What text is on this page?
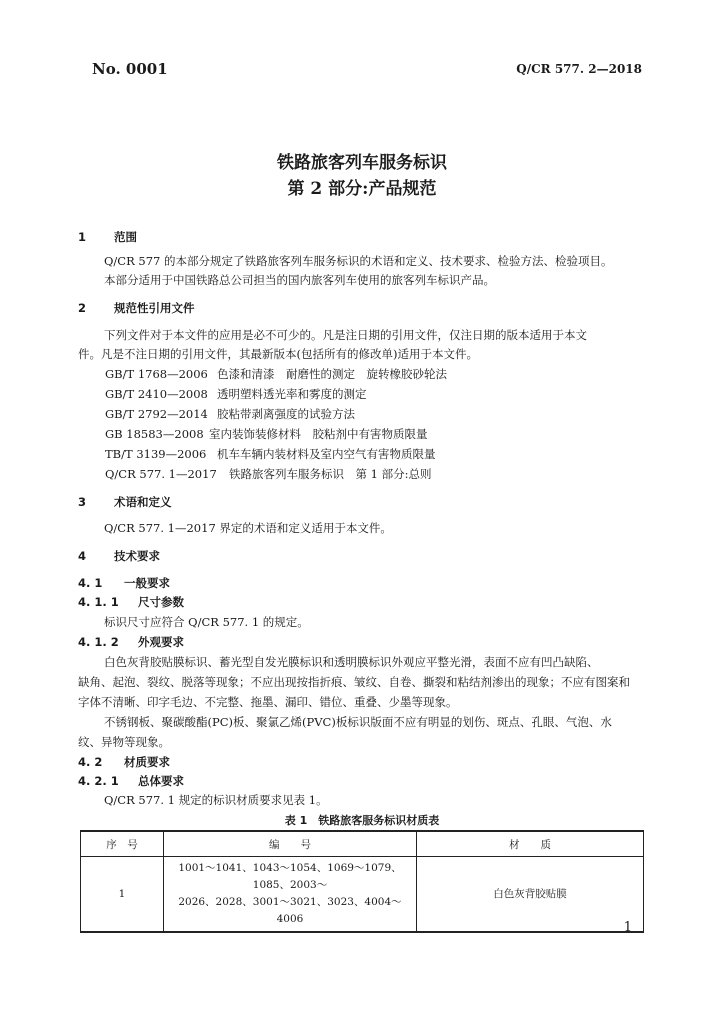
No. 0001	Q/CR 577. 2—2018
铁路旅客列车服务标识
第 2 部分:产品规范
1 范围
Q/CR 577 的本部分规定了铁路旅客列车服务标识的术语和定义、技术要求、检验方法、检验项目。
本部分适用于中国铁路总公司担当的国内旅客列车使用的旅客列车标识产品。
2 规范性引用文件
下列文件对于本文件的应用是必不可少的。凡是注日期的引用文件，仅注日期的版本适用于本文
件。凡是不注日期的引用文件，其最新版本(包括所有的修改单)适用于本文件。
GB/T 1768—2006 色漆和清漆　耐磨性的测定　旋转橡胶砂轮法
GB/T 2410—2008 透明塑料透光率和雾度的测定
GB/T 2792—2014 胶粘带剥离强度的试验方法
GB 18583—2008 室内装饰装修材料　胶粘剂中有害物质限量
TB/T 3139—2006 机车车辆内装材料及室内空气有害物质限量
Q/CR 577. 1—2017 铁路旅客列车服务标识　第 1 部分:总则
3 术语和定义
Q/CR 577. 1—2017 界定的术语和定义适用于本文件。
4 技术要求
4. 1 一般要求
4. 1. 1 尺寸参数
标识尺寸应符合 Q/CR 577. 1 的规定。
4. 1. 2 外观要求
白色灰背胶贴膜标识、蓄光型自发光膜标识和透明膜标识外观应平整光滑，表面不应有凹凸缺陷、
缺角、起泡、裂纹、脱落等现象；不应出现按指折痕、皱纹、自卷、撕裂和粘结剂渗出的现象；不应有图案和
字体不清晰、印字毛边、不完整、拖墨、漏印、错位、重叠、少墨等现象。
不锈钢板、聚碳酸酯(PC)板、聚氯乙烯(PVC)板标识版面不应有明显的划伤、斑点、孔眼、气泡、水
纹、异物等现象。
4. 2 材质要求
4. 2. 1 总体要求
Q/CR 577. 1 规定的标识材质要求见表 1。
表 1　铁路旅客服务标识材质表
序　号	编　　号	材　　质
1	1001～1041、1043～1054、1069～1079、1085、2003～
2026、2028、3001～3021、3023、4004～4006	白色灰背胶贴膜
1
